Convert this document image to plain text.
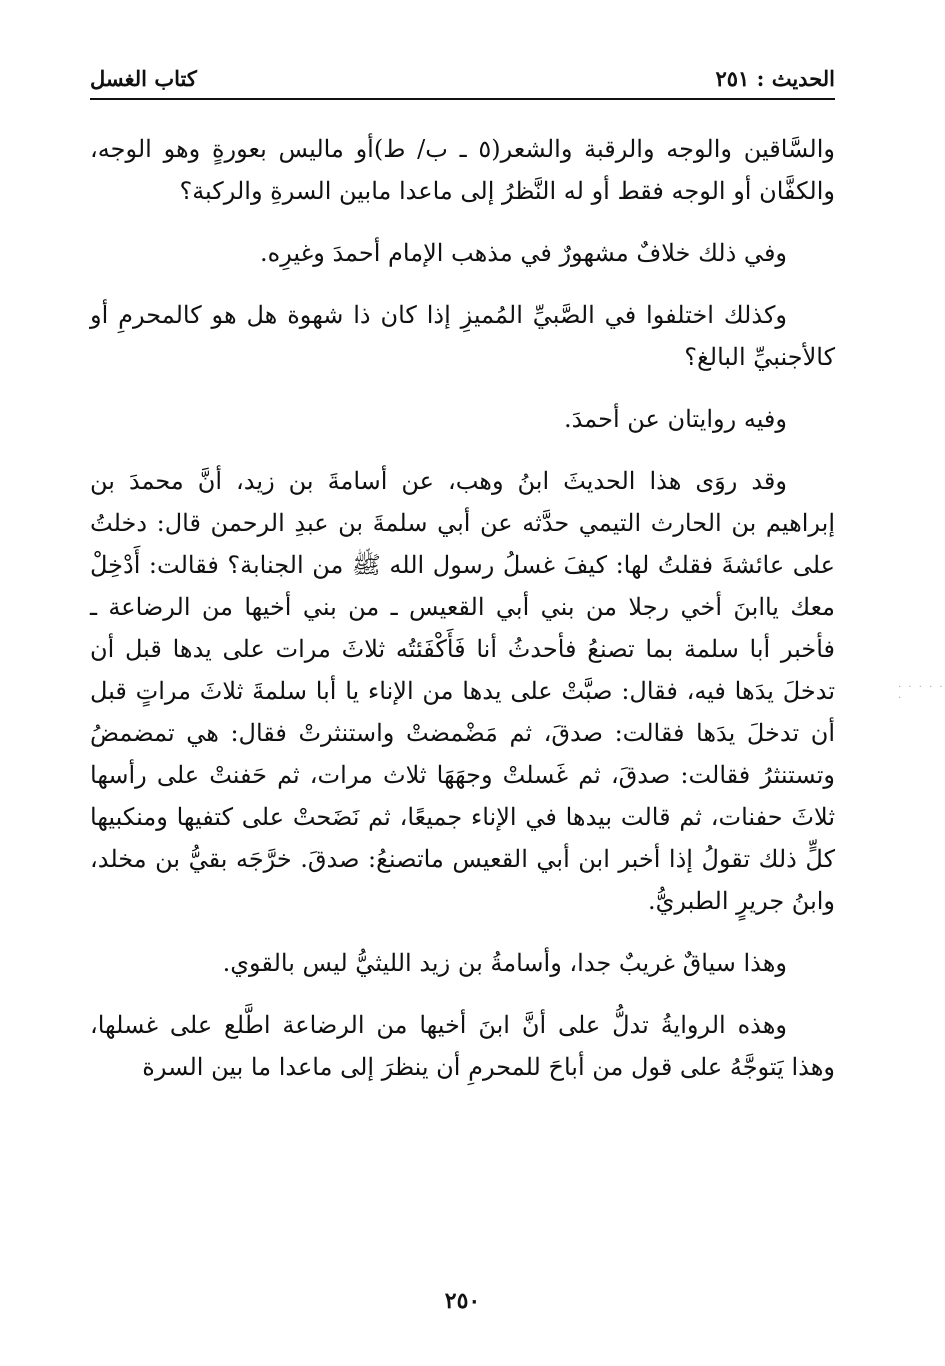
الحديث : ٢٥١
كتاب الغسل

والسَّاقين والوجه والرقبة والشعر(٥ ـ ب/ ط)أو ماليس بعورةٍ وهو الوجه، والكفَّان أو الوجه فقط أو له النَّظرُ إلى ماعدا مابين السرةِ والركبة؟

وفي ذلك خلافٌ مشهورٌ في مذهب الإمام أحمدَ وغيرِه.

وكذلك اختلفوا في الصَّبيِّ المُميزِ إذا كان ذا شهوة هل هو كالمحرمِ أو كالأجنبيِّ البالغ؟

وفيه روايتان عن أحمدَ.

وقد روَى هذا الحديثَ ابنُ وهب، عن أسامةَ بن زيد، أنَّ محمدَ بن إبراهيم بن الحارث التيمي حدَّثه عن أبي سلمةَ بن عبدِ الرحمن قال: دخلتُ على عائشةَ فقلتُ لها: كيفَ غسلُ رسول الله ﷺ من الجنابة؟ فقالت: أَدْخِلْ معك ياابنَ أخي رجلا من بني أبي القعيس ـ من بني أخيها من الرضاعة ـ فأخبر أبا سلمة بما تصنعُ فأحدثُ أنا فَأَكْفَئتُه ثلاثَ مرات على يدها قبل أن تدخلَ يدَها فيه، فقال: صبَّتْ على يدها من الإناء يا أبا سلمةَ ثلاثَ مراتٍ قبل أن تدخلَ يدَها فقالت: صدقَ، ثم مَضْمضتْ واستنثرتْ فقال: هي تمضمضُ وتستنثرُ فقالت: صدقَ، ثم غَسلتْ وجهَهَا ثلاث مرات، ثم حَفنتْ على رأسها ثلاثَ حفنات، ثم قالت بيدها في الإناء جميعًا، ثم نَضَحتْ على كتفيها ومنكبيها كلٍّ ذلك تقولُ إذا أخبر ابن أبي القعيس ماتصنعُ: صدقَ. خرَّجَه بقيُّ بن مخلد، وابنُ جريرٍ الطبريُّ.

وهذا سياقٌ غريبٌ جدا، وأسامةُ بن زيد الليثيُّ ليس بالقوي.

وهذه الروايةُ تدلُّ على أنَّ ابنَ أخيها من الرضاعة اطَّلع على غسلها، وهذا يَتوجَّهُ على قول من أباحَ للمحرمِ أن ينظرَ إلى ماعدا ما بين السرة

٢٥٠
· · · · · ·
